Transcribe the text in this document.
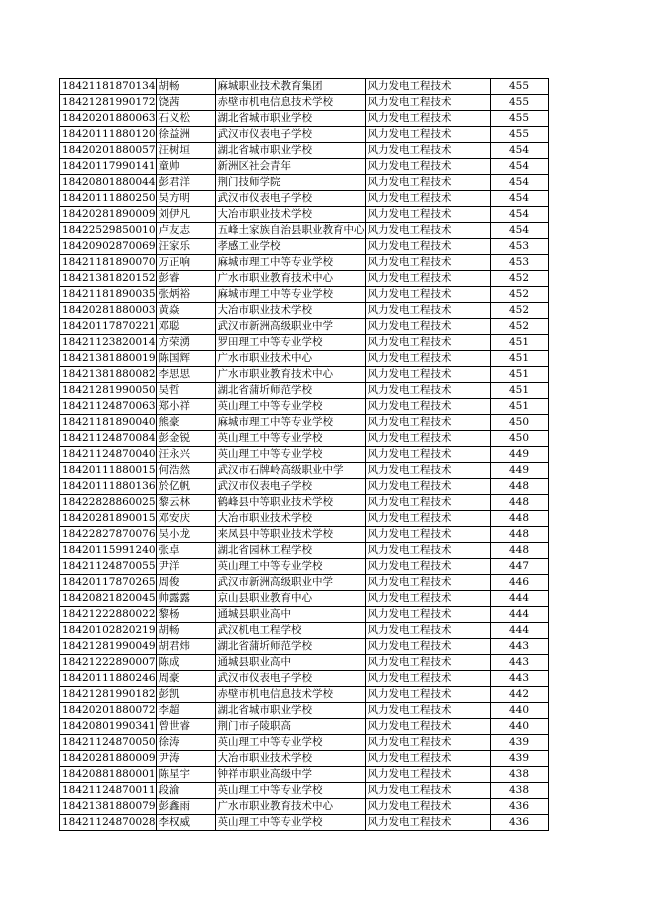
18421181870134	胡畅	麻城职业技术教育集团	风力发电工程技术	455
18421281990172	饶茜	赤壁市机电信息技术学校	风力发电工程技术	455
18420201880063	石义松	湖北省城市职业学校	风力发电工程技术	455
18420111880120	徐益洲	武汉市仪表电子学校	风力发电工程技术	455
18420201880057	汪树垣	湖北省城市职业学校	风力发电工程技术	454
18420117990141	童帅	新洲区社会青年	风力发电工程技术	454
18420801880044	彭君洋	荆门技师学院	风力发电工程技术	454
18420111880250	吴方明	武汉市仪表电子学校	风力发电工程技术	454
18420281890009	刘伊凡	大冶市职业技术学校	风力发电工程技术	454
18422529850010	卢友志	五峰土家族自治县职业教育中心	风力发电工程技术	454
18420902870069	汪家乐	孝感工业学校	风力发电工程技术	453
18421181890070	万正响	麻城市理工中等专业学校	风力发电工程技术	453
18421381820152	彭睿	广水市职业教育技术中心	风力发电工程技术	452
18421181890035	张炳裕	麻城市理工中等专业学校	风力发电工程技术	452
18420281880003	黄焱	大冶市职业技术学校	风力发电工程技术	452
18420117870221	邓聪	武汉市新洲高级职业中学	风力发电工程技术	452
18421123820014	方荣湧	罗田理工中等专业学校	风力发电工程技术	451
18421381880019	陈国辉	广水市职业技术中心	风力发电工程技术	451
18421381880082	李思思	广水市职业教育技术中心	风力发电工程技术	451
18421281990050	吴哲	湖北省蒲圻师范学校	风力发电工程技术	451
18421124870063	郑小祥	英山理工中等专业学校	风力发电工程技术	451
18421181890040	熊豪	麻城市理工中等专业学校	风力发电工程技术	450
18421124870084	彭金锐	英山理工中等专业学校	风力发电工程技术	450
18421124870040	汪永兴	英山理工中等专业学校	风力发电工程技术	449
18420111880015	何浩然	武汉市石牌岭高级职业中学	风力发电工程技术	449
18420111880136	於亿帆	武汉市仪表电子学校	风力发电工程技术	448
18422828860025	黎云林	鹤峰县中等职业技术学校	风力发电工程技术	448
18420281890015	邓安庆	大冶市职业技术学校	风力发电工程技术	448
18422827870076	吴小龙	来凤县中等职业技术学校	风力发电工程技术	448
18420115991240	张卓	湖北省园林工程学校	风力发电工程技术	448
18421124870055	尹洋	英山理工中等专业学校	风力发电工程技术	447
18420117870265	周俊	武汉市新洲高级职业中学	风力发电工程技术	446
18420821820045	帅露露	京山县职业教育中心	风力发电工程技术	444
18421222880022	黎杨	通城县职业高中	风力发电工程技术	444
18420102820219	胡畅	武汉机电工程学校	风力发电工程技术	444
18421281990049	胡君炜	湖北省蒲圻师范学校	风力发电工程技术	443
18421222890007	陈成	通城县职业高中	风力发电工程技术	443
18420111880246	周豪	武汉市仪表电子学校	风力发电工程技术	443
18421281990182	彭凯	赤壁市机电信息技术学校	风力发电工程技术	442
18420201880072	李超	湖北省城市职业学校	风力发电工程技术	440
18420801990341	曾世睿	荆门市子陵职高	风力发电工程技术	440
18421124870050	徐涛	英山理工中等专业学校	风力发电工程技术	439
18420281880009	尹涛	大冶市职业技术学校	风力发电工程技术	439
18420881880001	陈星宇	钟祥市职业高级中学	风力发电工程技术	438
18421124870011	段渝	英山理工中等专业学校	风力发电工程技术	438
18421381880079	彭鑫雨	广水市职业教育技术中心	风力发电工程技术	436
18421124870028	李权威	英山理工中等专业学校	风力发电工程技术	436
